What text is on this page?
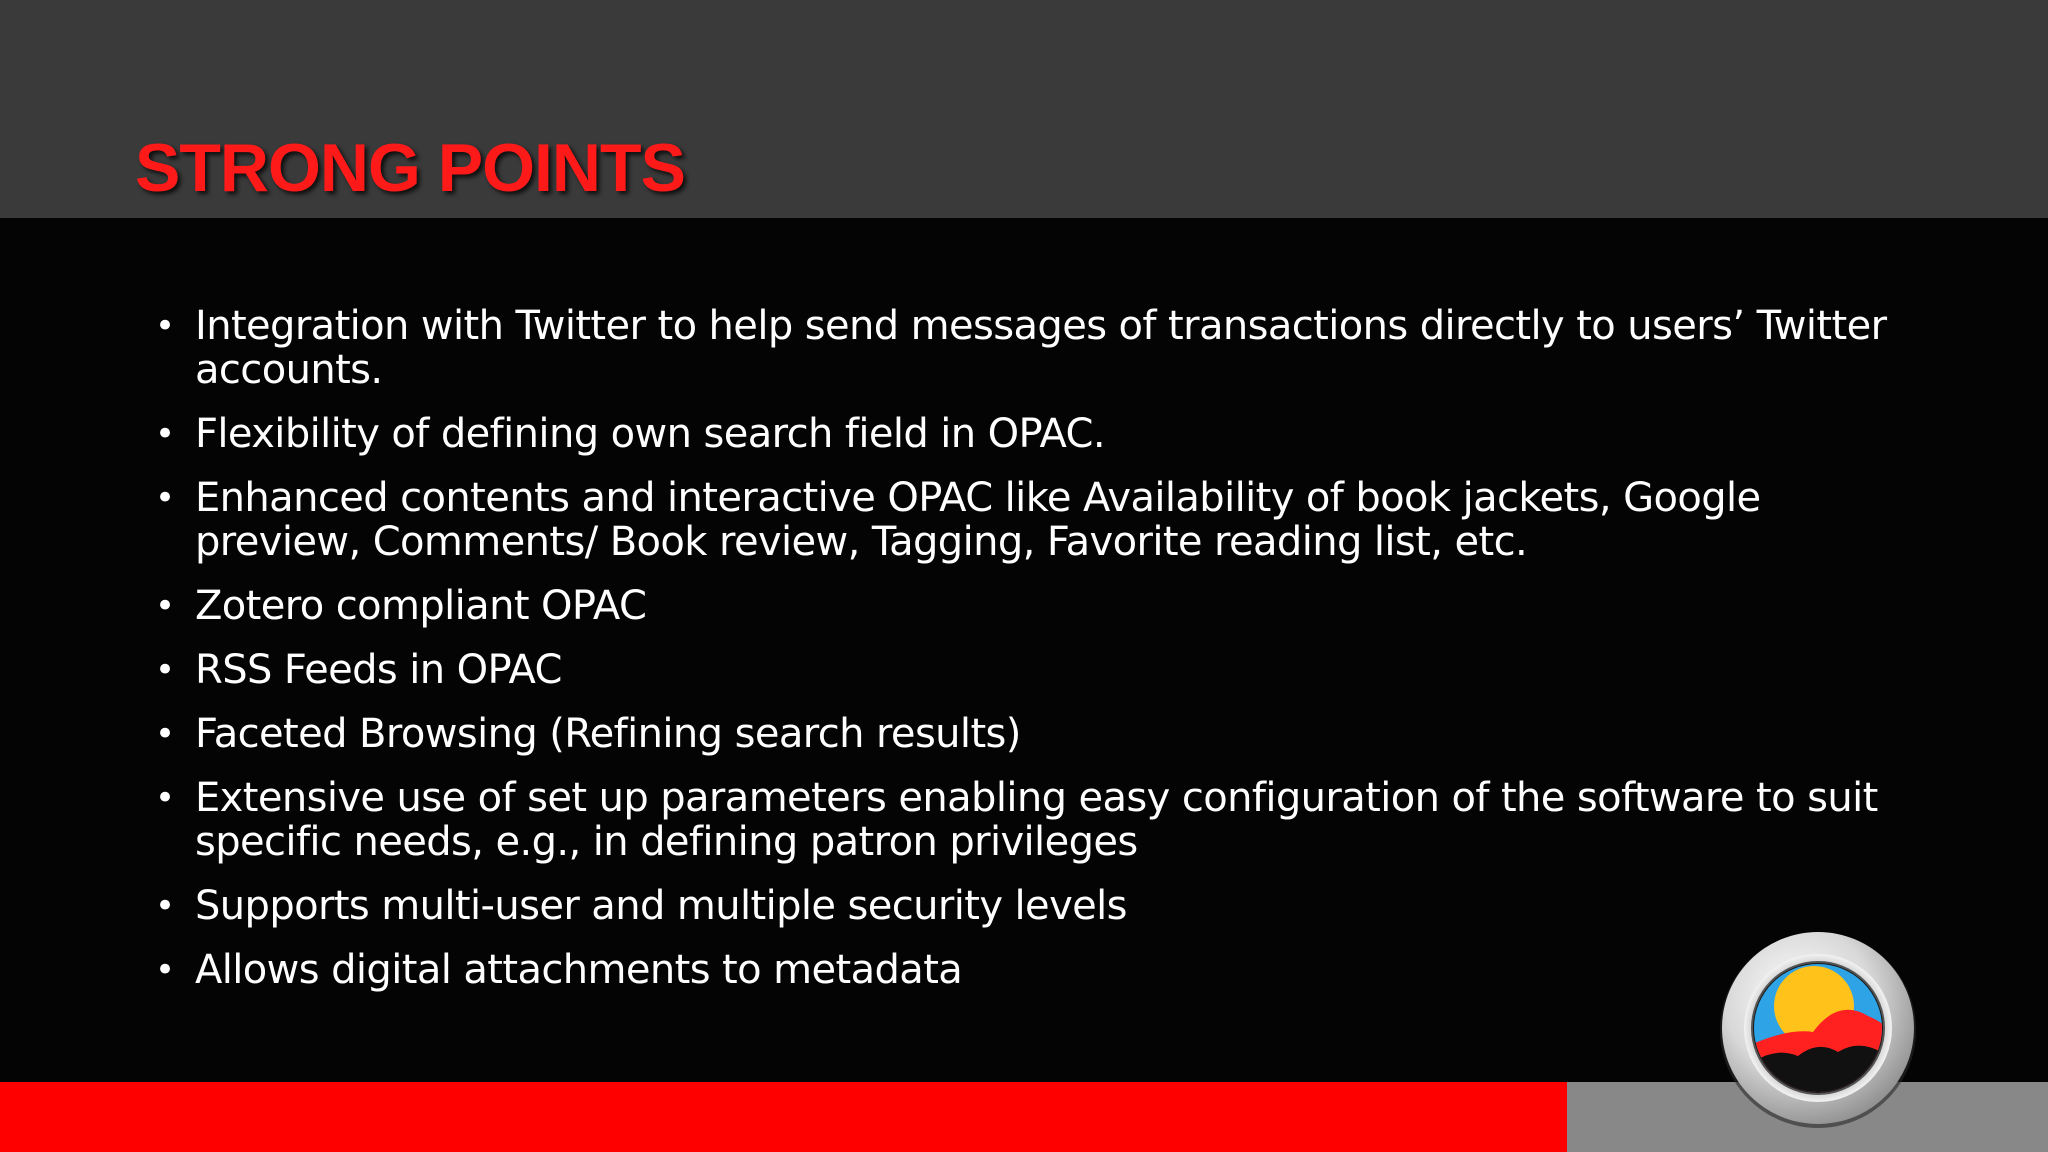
STRONG POINTS
• Integration with Twitter to help send messages of transactions directly to users’ Twitter accounts.
• Flexibility of defining own search field in OPAC.
• Enhanced contents and interactive OPAC like Availability of book jackets, Google preview, Comments/ Book review, Tagging, Favorite reading list, etc.
• Zotero compliant OPAC
• RSS Feeds in OPAC
• Faceted Browsing (Refining search results)
• Extensive use of set up parameters enabling easy configuration of the software to suit specific needs, e.g., in defining patron privileges
• Supports multi-user and multiple security levels
• Allows digital attachments to metadata
